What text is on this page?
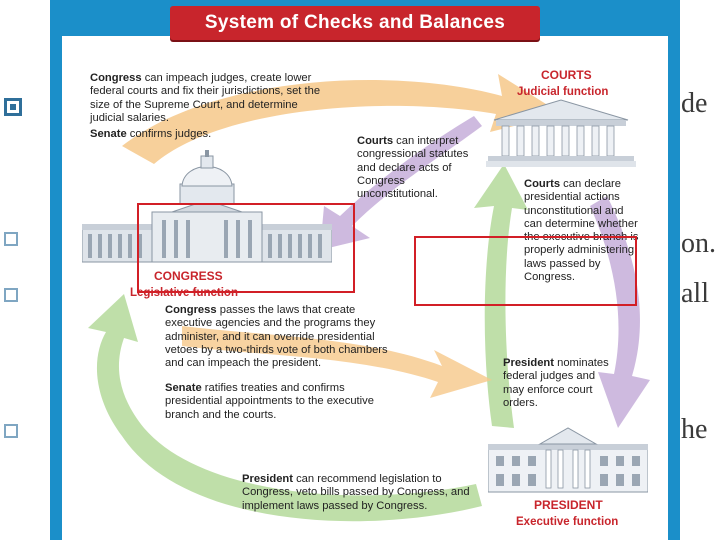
de
on.
all
he
System of Checks and Balances
CONGRESS
Legislative function
COURTS
Judicial function
PRESIDENT
Executive function
Congress can impeach judges, create lower federal courts and fix their jurisdictions, set the size of the Supreme Court, and determine judicial salaries.
Senate confirms judges.
Courts can interpret congressional statutes and declare acts of Congress unconstitutional.
Courts can declare presidential actions unconstitutional and can determine whether the executive branch is properly administering laws passed by Congress.
Congress passes the laws that create executive agencies and the programs they administer, and it can override presidential vetoes by a two-thirds vote of both chambers and can impeach the president.
Senate ratifies treaties and confirms presidential appointments to the executive branch and the courts.
President nominates federal judges and may enforce court orders.
President can recommend legislation to Congress, veto bills passed by Congress, and implement laws passed by Congress.
